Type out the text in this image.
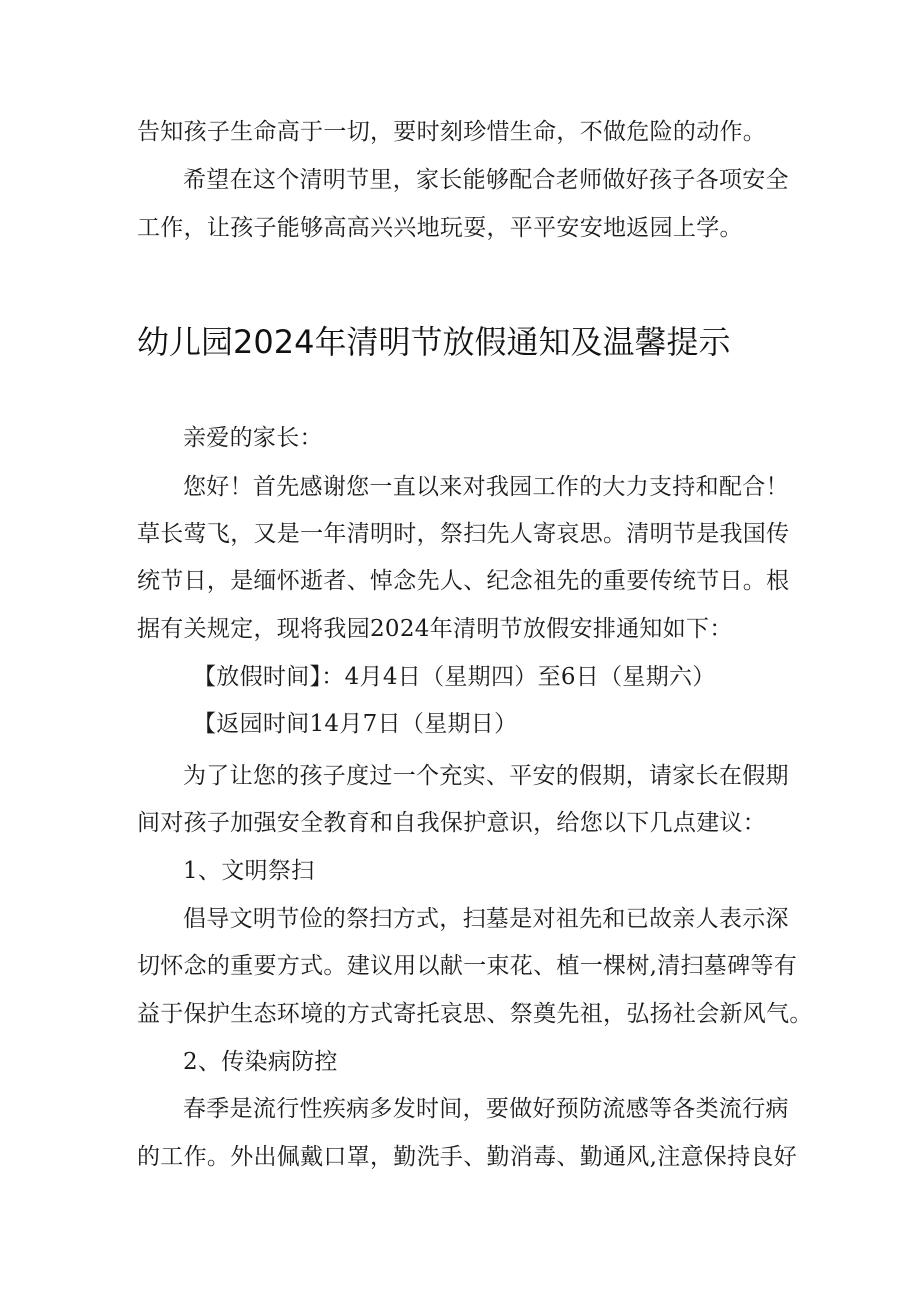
告知孩子生命高于一切，要时刻珍惜生命，不做危险的动作。
希望在这个清明节里，家长能够配合老师做好孩子各项安全
工作，让孩子能够高高兴兴地玩耍，平平安安地返园上学。
幼儿园2024年清明节放假通知及温馨提示
亲爱的家长：
您好！首先感谢您一直以来对我园工作的大力支持和配合！
草长莺飞，又是一年清明时，祭扫先人寄哀思。清明节是我国传
统节日，是缅怀逝者、悼念先人、纪念祖先的重要传统节日。根
据有关规定，现将我园2024年清明节放假安排通知如下：
【放假时间】：4月4日（星期四）至6日（星期六）
【返园时间14月7日（星期日）
为了让您的孩子度过一个充实、平安的假期，请家长在假期
间对孩子加强安全教育和自我保护意识，给您以下几点建议：
1、文明祭扫
倡导文明节俭的祭扫方式，扫墓是对祖先和已故亲人表示深
切怀念的重要方式。建议用以献一束花、植一棵树,清扫墓碑等有
益于保护生态环境的方式寄托哀思、祭奠先祖，弘扬社会新风气。
2、传染病防控
春季是流行性疾病多发时间，要做好预防流感等各类流行病
的工作。外出佩戴口罩，勤洗手、勤消毒、勤通风,注意保持良好
